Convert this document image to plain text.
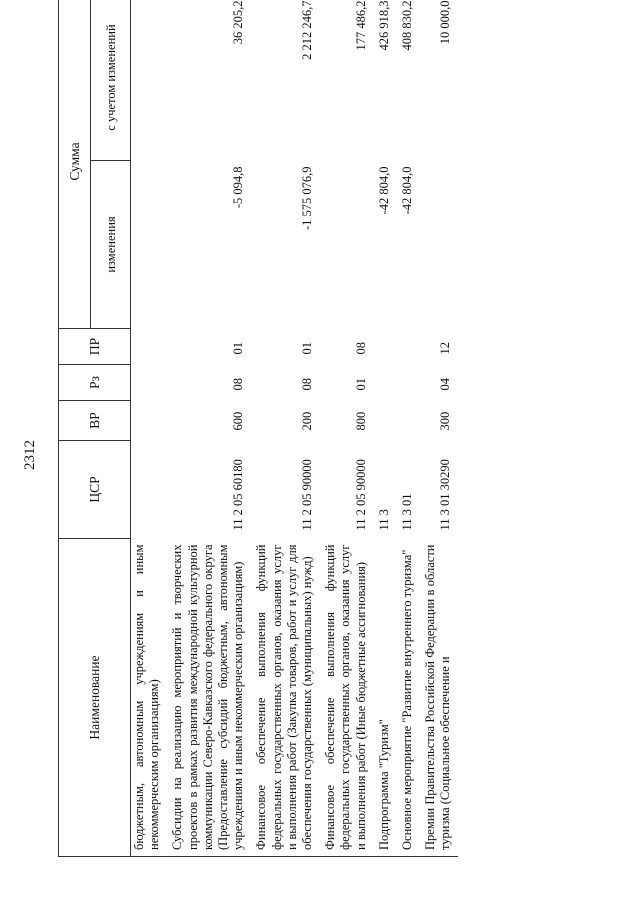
2312
Наименование	ЦСР	ВР	Рз	ПР	Сумма	
					изменения	с учетом изменений
бюджетным, автономным учреждениям и иным некоммерческим организациям)						
Субсидии на реализацию мероприятий и творческих проектов в рамках развития международной культурной коммуникации Северо-Кавказского федерального округа (Предоставление субсидий бюджетным, автономным учреждениям и иным некоммерческим организациям)	11 2 05 60180	600	08	01	-5 094,8	36 205,2
Финансовое обеспечение выполнения функций федеральных государственных органов, оказания услуг и выполнения работ (Закупка товаров, работ и услуг для обеспечения государственных (муниципальных) нужд)	11 2 05 90000	200	08	01	-1 575 076,9	2 212 246,7
Финансовое обеспечение выполнения функций федеральных государственных органов, оказания услуг и выполнения работ (Иные бюджетные ассигнования)	11 2 05 90000	800	01	08		177 486,2
Подпрограмма "Туризм"	11 3				-42 804,0	426 918,3
Основное мероприятие "Развитие внутреннего туризма"	11 3 01				-42 804,0	408 830,2
Премии Правительства Российской Федерации в области туризма (Социальное обеспечение и	11 3 01 30290	300	04	12		10 000,0
